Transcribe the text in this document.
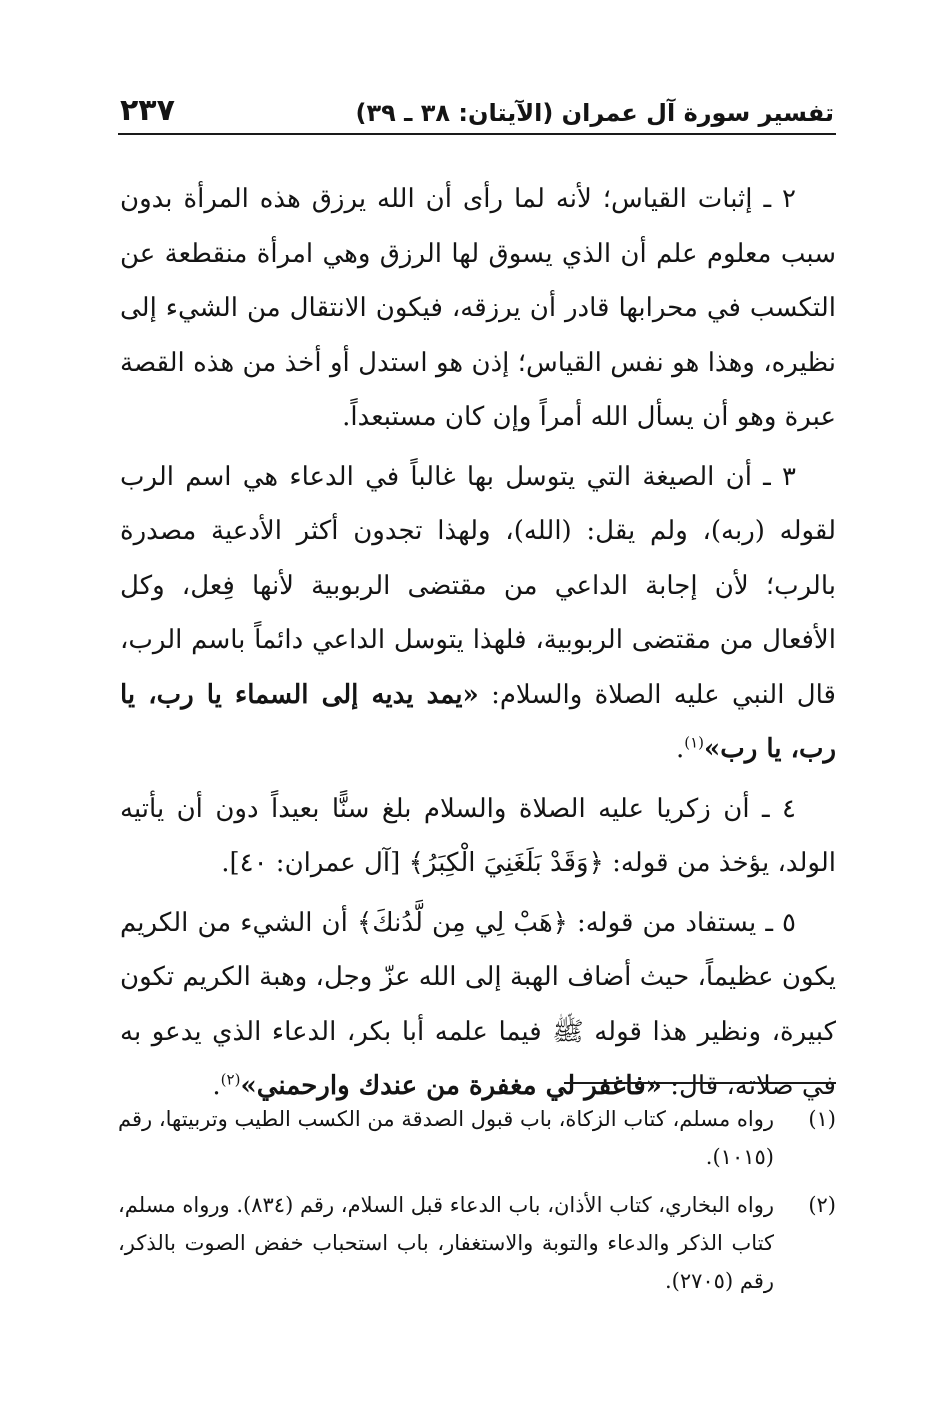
تفسير سورة آل عمران (الآيتان: ٣٨ ـ ٣٩)
٢٣٧

٢ ـ إثبات القياس؛ لأنه لما رأى أن الله يرزق هذه المرأة بدون سبب معلوم علم أن الذي يسوق لها الرزق وهي امرأة منقطعة عن التكسب في محرابها قادر أن يرزقه، فيكون الانتقال من الشيء إلى نظيره، وهذا هو نفس القياس؛ إذن هو استدل أو أخذ من هذه القصة عبرة وهو أن يسأل الله أمراً وإن كان مستبعداً.

٣ ـ أن الصيغة التي يتوسل بها غالباً في الدعاء هي اسم الرب لقوله (ربه)، ولم يقل: (الله)، ولهذا تجدون أكثر الأدعية مصدرة بالرب؛ لأن إجابة الداعي من مقتضى الربوبية لأنها فِعل، وكل الأفعال من مقتضى الربوبية، فلهذا يتوسل الداعي دائماً باسم الرب، قال النبي عليه الصلاة والسلام: «يمد يديه إلى السماء يا رب، يا رب، يا رب»$^{(١)}$.

٤ ـ أن زكريا عليه الصلاة والسلام بلغ سنًّا بعيداً دون أن يأتيه الولد، يؤخذ من قوله: ﴿وَقَدْ بَلَغَنِيَ الْكِبَرُ﴾ [آل عمران: ٤٠].

٥ ـ يستفاد من قوله: ﴿هَبْ لِي مِن لَّدُنكَ﴾ أن الشيء من الكريم يكون عظيماً، حيث أضاف الهبة إلى الله عزّ وجل، وهبة الكريم تكون كبيرة، ونظير هذا قوله ﷺ فيما علمه أبا بكر، الدعاء الذي يدعو به في صلاته، قال: «فاغفر لي مغفرة من عندك وارحمني»$^{(٢)}$.

(١)
رواه مسلم، كتاب الزكاة، باب قبول الصدقة من الكسب الطيب وتربيتها، رقم (١٠١٥).
(٢)
رواه البخاري، كتاب الأذان، باب الدعاء قبل السلام، رقم (٨٣٤). ورواه مسلم، كتاب الذكر والدعاء والتوبة والاستغفار، باب استحباب خفض الصوت بالذكر، رقم (٢٧٠٥).
